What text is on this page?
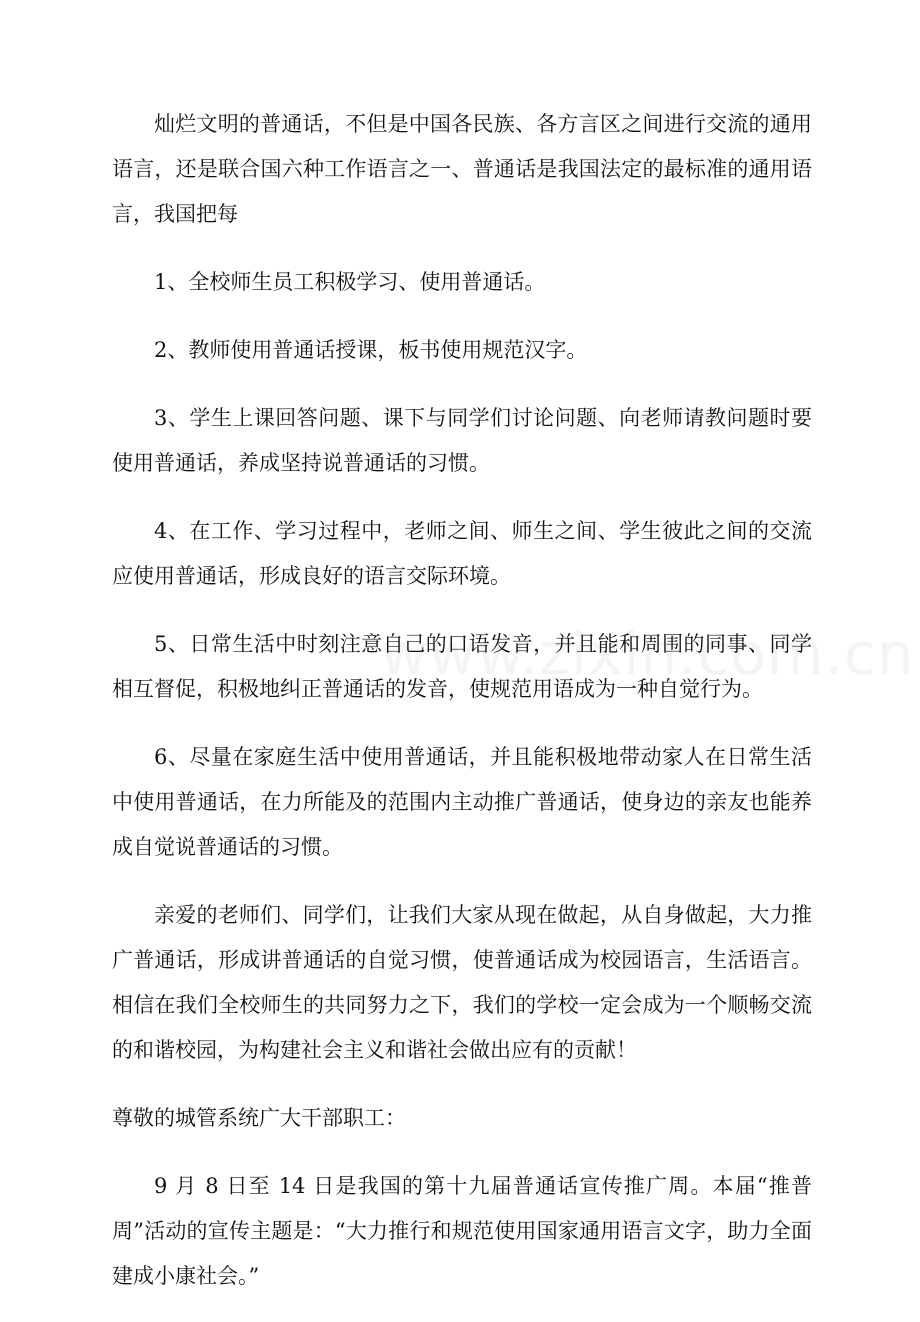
灿烂文明的普通话，不但是中国各民族、各方言区之间进行交流的通用语言，还是联合国六种工作语言之一、普通话是我国法定的最标准的通用语言，我国把每

1、全校师生员工积极学习、使用普通话。

2、教师使用普通话授课，板书使用规范汉字。

3、学生上课回答问题、课下与同学们讨论问题、向老师请教问题时要使用普通话，养成坚持说普通话的习惯。

4、在工作、学习过程中，老师之间、师生之间、学生彼此之间的交流应使用普通话，形成良好的语言交际环境。

5、日常生活中时刻注意自己的口语发音，并且能和周围的同事、同学相互督促，积极地纠正普通话的发音，使规范用语成为一种自觉行为。

6、尽量在家庭生活中使用普通话，并且能积极地带动家人在日常生活中使用普通话，在力所能及的范围内主动推广普通话，使身边的亲友也能养成自觉说普通话的习惯。

亲爱的老师们、同学们，让我们大家从现在做起，从自身做起，大力推广普通话，形成讲普通话的自觉习惯，使普通话成为校园语言，生活语言。相信在我们全校师生的共同努力之下，我们的学校一定会成为一个顺畅交流的和谐校园，为构建社会主义和谐社会做出应有的贡献！

尊敬的城管系统广大干部职工：

9 月 8 日至 14 日是我国的第十九届普通话宣传推广周。本届“推普周”活动的宣传主题是：“大力推行和规范使用国家通用语言文字，助力全面建成小康社会。”
